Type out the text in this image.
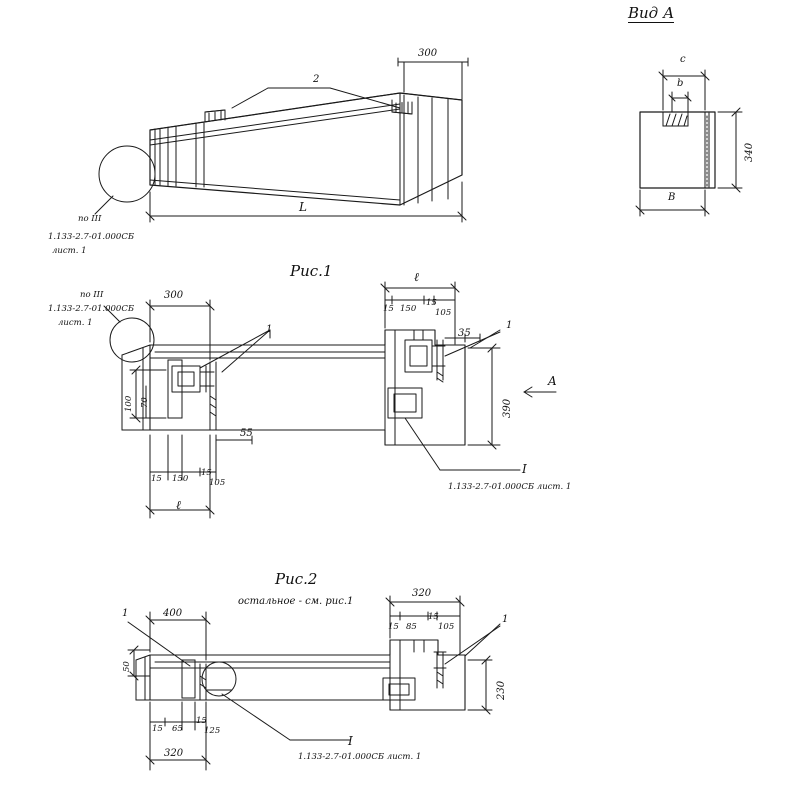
Вид А
300
2
L
по III
1.133-2.7-01.000СБ
лист. 1
c
b
340
B
Рис.1
по III
1.133-2.7-01.000СБ
лист. 1
300
ℓ
15 150
15
105
1	1
35
390
A
55
100 70
15 150
15
105
ℓ
I
1.133-2.7-01.000СБ лист. 1
Рис.2
остальное - см. рис.1
1	400
320
15 85
15
105
1
50
230
15 65
15
125
320
I
1.133-2.7-01.000СБ лист. 1
